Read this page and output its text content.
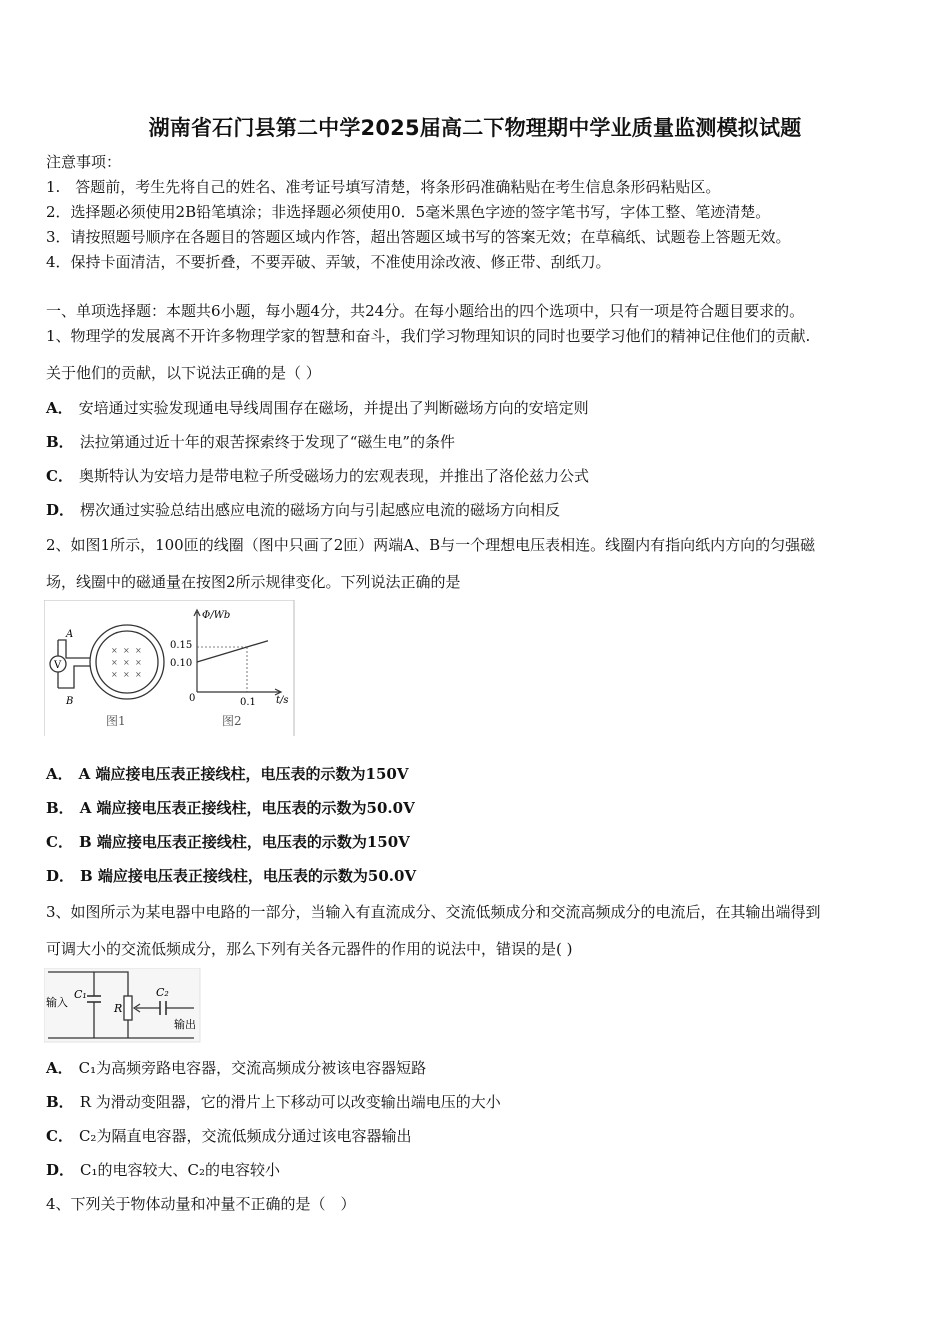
湖南省石门县第二中学2025届高二下物理期中学业质量监测模拟试题
注意事项：
1.　答题前，考生先将自己的姓名、准考证号填写清楚，将条形码准确粘贴在考生信息条形码粘贴区。
2．选择题必须使用2B铅笔填涂；非选择题必须使用0．5毫米黑色字迹的签字笔书写，字体工整、笔迹清楚。
3．请按照题号顺序在各题目的答题区域内作答，超出答题区域书写的答案无效；在草稿纸、试题卷上答题无效。
4．保持卡面清洁，不要折叠，不要弄破、弄皱，不准使用涂改液、修正带、刮纸刀。
一、单项选择题：本题共6小题，每小题4分，共24分。在每小题给出的四个选项中，只有一项是符合题目要求的。
1、物理学的发展离不开许多物理学家的智慧和奋斗，我们学习物理知识的同时也要学习他们的精神记住他们的贡献.
关于他们的贡献，以下说法正确的是（ ）
A． 安培通过实验发现通电导线周围存在磁场，并提出了判断磁场方向的安培定则
B． 法拉第通过近十年的艰苦探索终于发现了“磁生电”的条件
C． 奥斯特认为安培力是带电粒子所受磁场力的宏观表现，并推出了洛伦兹力公式
D． 楞次通过实验总结出感应电流的磁场方向与引起感应电流的磁场方向相反
2、如图1所示，100匝的线圈（图中只画了2匝）两端A、B与一个理想电压表相连。线圈内有指向纸内方向的匀强磁
场，线圈中的磁通量在按图2所示规律变化。下列说法正确的是
× × ×
× × ×
× × ×
V
A
B
图1
Φ/Wb
t/s
0
0.15
0.10
0.1
图2
A． A 端应接电压表正接线柱，电压表的示数为150V
B． A 端应接电压表正接线柱，电压表的示数为50.0V
C． B 端应接电压表正接线柱，电压表的示数为150V
D． B 端应接电压表正接线柱，电压表的示数为50.0V
3、如图所示为某电器中电路的一部分，当输入有直流成分、交流低频成分和交流高频成分的电流后，在其输出端得到
可调大小的交流低频成分，那么下列有关各元器件的作用的说法中，错误的是( )
输入
C₁
R
C₂
输出
A． C₁为高频旁路电容器，交流高频成分被该电容器短路
B． R 为滑动变阻器，它的滑片上下移动可以改变输出端电压的大小
C． C₂为隔直电容器，交流低频成分通过该电容器输出
D． C₁的电容较大、C₂的电容较小
4、下列关于物体动量和冲量不正确的是（　）
